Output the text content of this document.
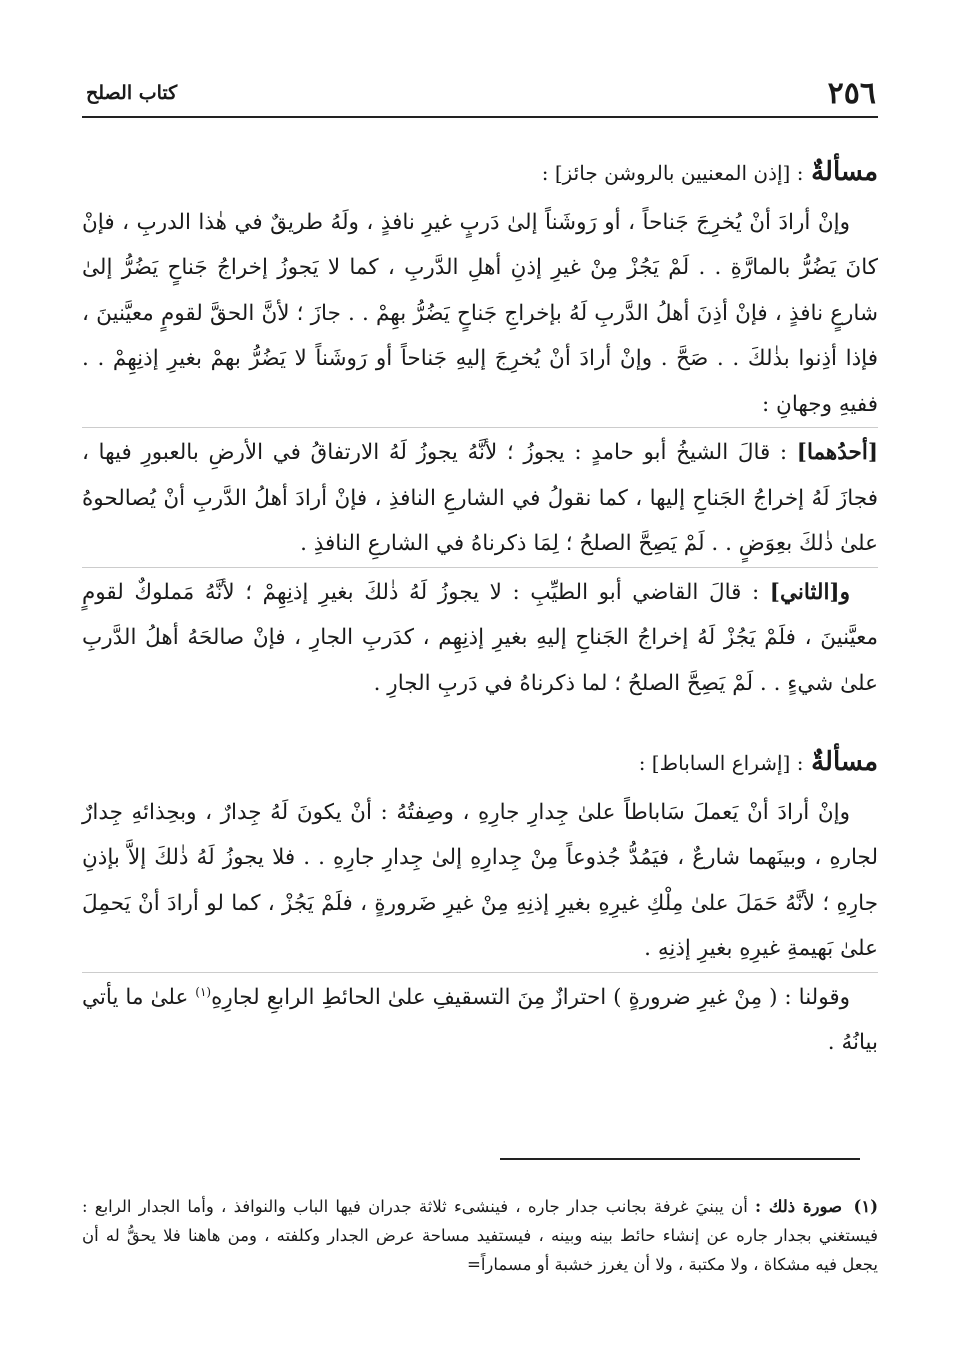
٢٥٦
كتاب الصلح
مسألةٌ : [إذن المعنيين بالروشن جائز] :

وإنْ أرادَ أنْ يُخرِجَ جَناحاً ، أو رَوشَناً إلىٰ دَربٍ غيرِ نافذٍ ، ولَهُ طريقٌ في هٰذا الدربِ ، فإنْ كانَ يَضُرُّ بالمارَّةِ . . لَمْ يَجُزْ مِنْ غيرِ إذنِ أهلِ الدَّربِ ، كما لا يَجوزُ إخراجُ جَناحٍ يَضُرُّ إلىٰ شارعٍ نافذٍ ، فإنْ أذِنَ أهلُ الدَّربِ لَهُ بإخراجِ جَناحٍ يَضُرُّ بهِمْ . . جازَ ؛ لأنَّ الحقَّ لقومٍ معيَّنينَ ، فإذا أذِنوا بذٰلكَ . . صَحَّ . وإنْ أرادَ أنْ يُخرِجَ إليهِ جَناحاً أو رَوشَناً لا يَضُرُّ بهمْ بغيرِ إذنِهِمْ . . ففيهِ وجهانِ :

[أحدُهما] : قالَ الشيخُ أبو حامدٍ : يجوزُ ؛ لأنَّهُ يجوزُ لَهُ الارتفاقُ في الأرضِ بالعبورِ فيها ، فجازَ لَهُ إخراجُ الجَناحِ إليها ، كما نقولُ في الشارعِ النافذِ ، فإنْ أرادَ أهلُ الدَّربِ أنْ يُصالحوهُ علىٰ ذٰلكَ بعِوَضٍ . . لَمْ يَصِحَّ الصلحُ ؛ لِمَا ذكرناهُ في الشارعِ النافذِ .

و[الثاني] : قالَ القاضي أبو الطيِّبِ : لا يجوزُ لَهُ ذٰلكَ بغيرِ إذنِهِمْ ؛ لأنَّهُ مَملوكٌ لقومٍ معيَّنينَ ، فلَمْ يَجُزْ لَهُ إخراجُ الجَناحِ إليهِ بغيرِ إذنِهِم ، كدَربِ الجارِ ، فإنْ صالحَهُ أهلُ الدَّربِ علىٰ شيءٍ . . لَمْ يَصِحَّ الصلحُ ؛ لما ذكرناهُ في دَربِ الجارِ .

مسألةٌ : [إشراع الساباط] :

وإنْ أرادَ أنْ يَعملَ سَاباطاً علىٰ جِدارِ جارِهِ ، وصِفتُهُ : أنْ يكونَ لَهُ جِدارٌ ، وبحِذائهِ جِدارٌ لجارهِ ، وبينَهما شارعٌ ، فيَمُدُّ جُذوعاً مِنْ جِدارِهِ إلىٰ جِدارِ جارِهِ . . فلا يجوزُ لَهُ ذٰلكَ إلاَّ بإذنِ جارِهِ ؛ لأنَّهُ حَمَلَ علىٰ مِلْكِ غيرِهِ بغيرِ إذنِهِ مِنْ غيرِ ضَرورةٍ ، فلَمْ يَجُزْ ، كما لو أرادَ أنْ يَحمِلَ علىٰ بَهيمةِ غيرِهِ بغيرِ إذنِهِ .

وقولنا : ( مِنْ غيرِ ضرورةٍ ) احترازٌ مِنَ التسقيفِ علىٰ الحائطِ الرابعِ لجارِهِ$^{(١)}$ علىٰ ما يأتي بيانُهُ .

(١)صورة ذلك : أن يبنيَ غرفة بجانب جدار جاره ، فينشىء ثلاثة جدران فيها الباب والنوافذ ، وأما الجدار الرابع : فيستغني بجدار جاره عن إنشاء حائط بينه وبينه ، فيستفيد مساحة عرض الجدار وكلفته ، ومن هاهنا فلا يحقُّ له أن يجعل فيه مشكاة ، ولا مكتبة ، ولا أن يغرز خشبة أو مسماراً=
